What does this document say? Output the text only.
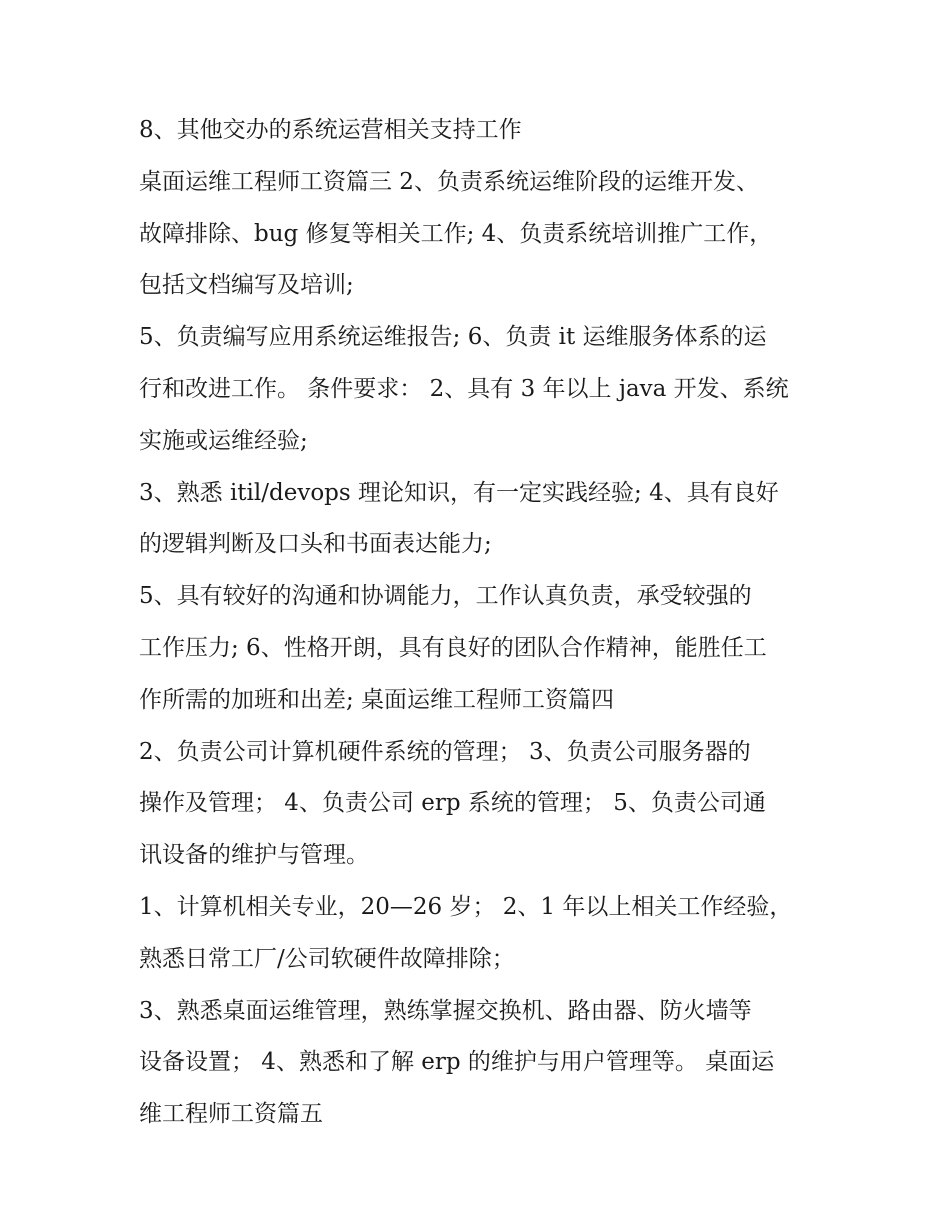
8、其他交办的系统运营相关支持工作

桌面运维工程师工资篇三 2、负责系统运维阶段的运维开发、
故障排除、bug 修复等相关工作; 4、负责系统培训推广工作，
包括文档编写及培训;

5、负责编写应用系统运维报告; 6、负责 it 运维服务体系的运
行和改进工作。 条件要求： 2、具有 3 年以上 java 开发、系统
实施或运维经验;

3、熟悉 itil/devops 理论知识，有一定实践经验; 4、具有良好
的逻辑判断及口头和书面表达能力;

5、具有较好的沟通和协调能力，工作认真负责，承受较强的
工作压力; 6、性格开朗，具有良好的团队合作精神，能胜任工
作所需的加班和出差; 桌面运维工程师工资篇四

2、负责公司计算机硬件系统的管理； 3、负责公司服务器的
操作及管理； 4、负责公司 erp 系统的管理； 5、负责公司通
讯设备的维护与管理。

1、计算机相关专业，20—26 岁； 2、1 年以上相关工作经验，
熟悉日常工厂/公司软硬件故障排除；

3、熟悉桌面运维管理，熟练掌握交换机、路由器、防火墙等
设备设置； 4、熟悉和了解 erp 的维护与用户管理等。 桌面运
维工程师工资篇五
